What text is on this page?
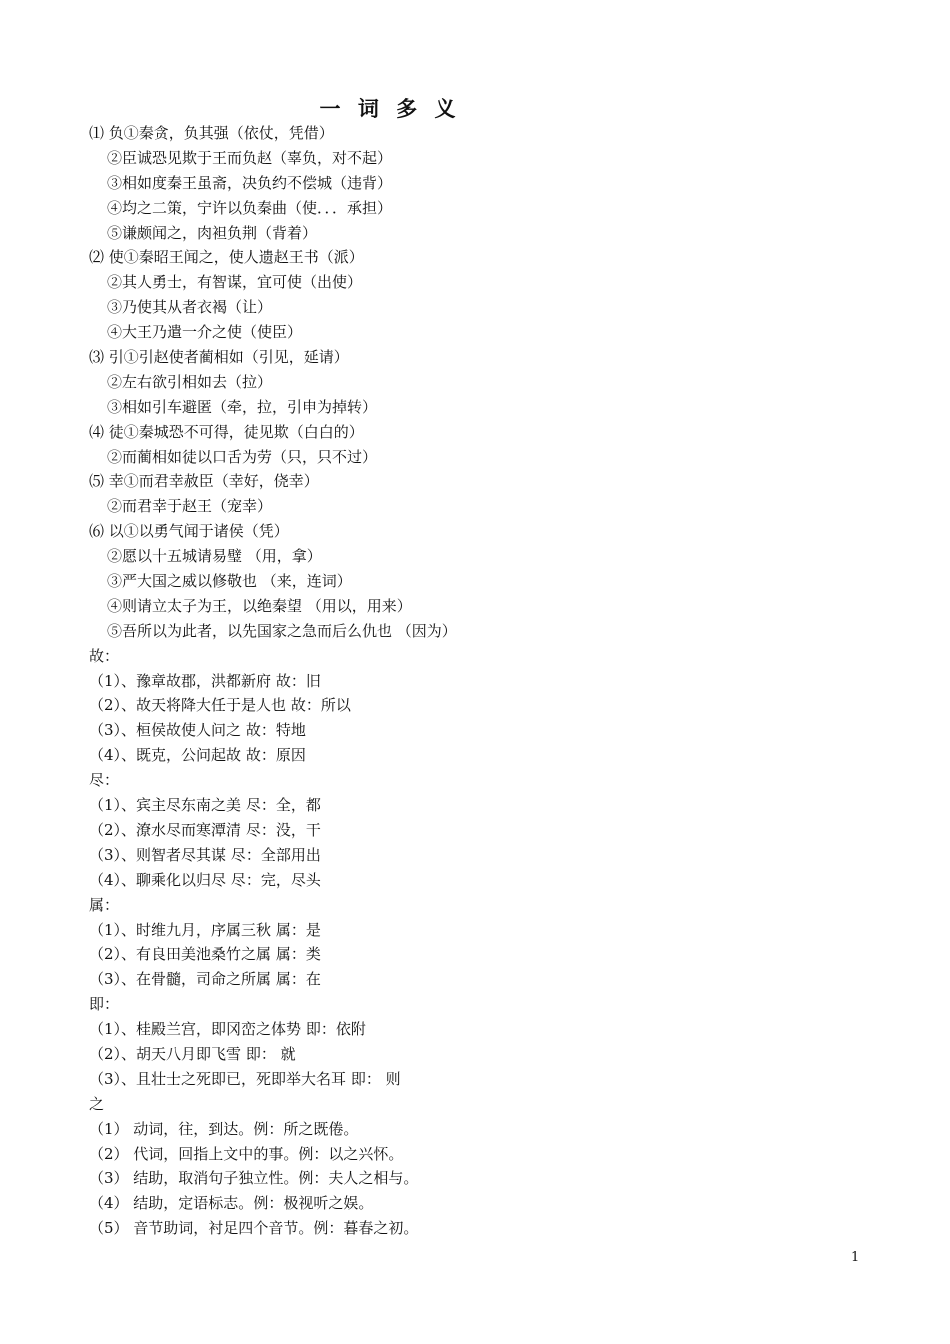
一 词 多 义
⑴ 负①秦贪，负其强（依仗，凭借）
②臣诚恐见欺于王而负赵（辜负，对不起）
③相如度秦王虽斋，决负约不偿城（违背）
④均之二策，宁许以负秦曲（使．．．承担）
⑤谦颇闻之，肉袒负荆（背着）
⑵ 使①秦昭王闻之，使人遗赵王书（派）
②其人勇士，有智谋，宜可使（出使）
③乃使其从者衣褐（让）
④大王乃遣一介之使（使臣）
⑶ 引①引赵使者蔺相如（引见，延请）
②左右欲引相如去（拉）
③相如引车避匿（牵，拉，引申为掉转）
⑷ 徒①秦城恐不可得，徒见欺（白白的）
②而蔺相如徒以口舌为劳（只，只不过）
⑸ 幸①而君幸赦臣（幸好，侥幸）
②而君幸于赵王（宠幸）
⑹ 以①以勇气闻于诸侯（凭）
②愿以十五城请易璧 （用，拿）
③严大国之威以修敬也 （来，连词）
④则请立太子为王，以绝秦望 （用以，用来）
⑤吾所以为此者，以先国家之急而后么仇也 （因为）
故：
（1）、豫章故郡，洪都新府 故：旧
（2）、故天将降大任于是人也 故：所以
（3）、桓侯故使人问之 故：特地
（4）、既克，公问起故 故：原因
尽：
（1）、宾主尽东南之美 尽：全，都
（2）、潦水尽而寒潭清 尽：没，干
（3）、则智者尽其谋 尽：全部用出
（4）、聊乘化以归尽 尽：完，尽头
属：
（1）、时维九月，序属三秋 属：是
（2）、有良田美池桑竹之属 属：类
（3）、在骨髓，司命之所属 属：在
即：
（1）、桂殿兰宫，即冈峦之体势 即：依附
（2）、胡天八月即飞雪 即： 就
（3）、且壮士之死即已，死即举大名耳 即： 则
之
（1） 动词，往，到达。例：所之既倦。
（2） 代词，回指上文中的事。例：以之兴怀。
（3） 结助，取消句子独立性。例：夫人之相与。
（4） 结助，定语标志。例：极视听之娱。
（5） 音节助词，衬足四个音节。例：暮春之初。
1
